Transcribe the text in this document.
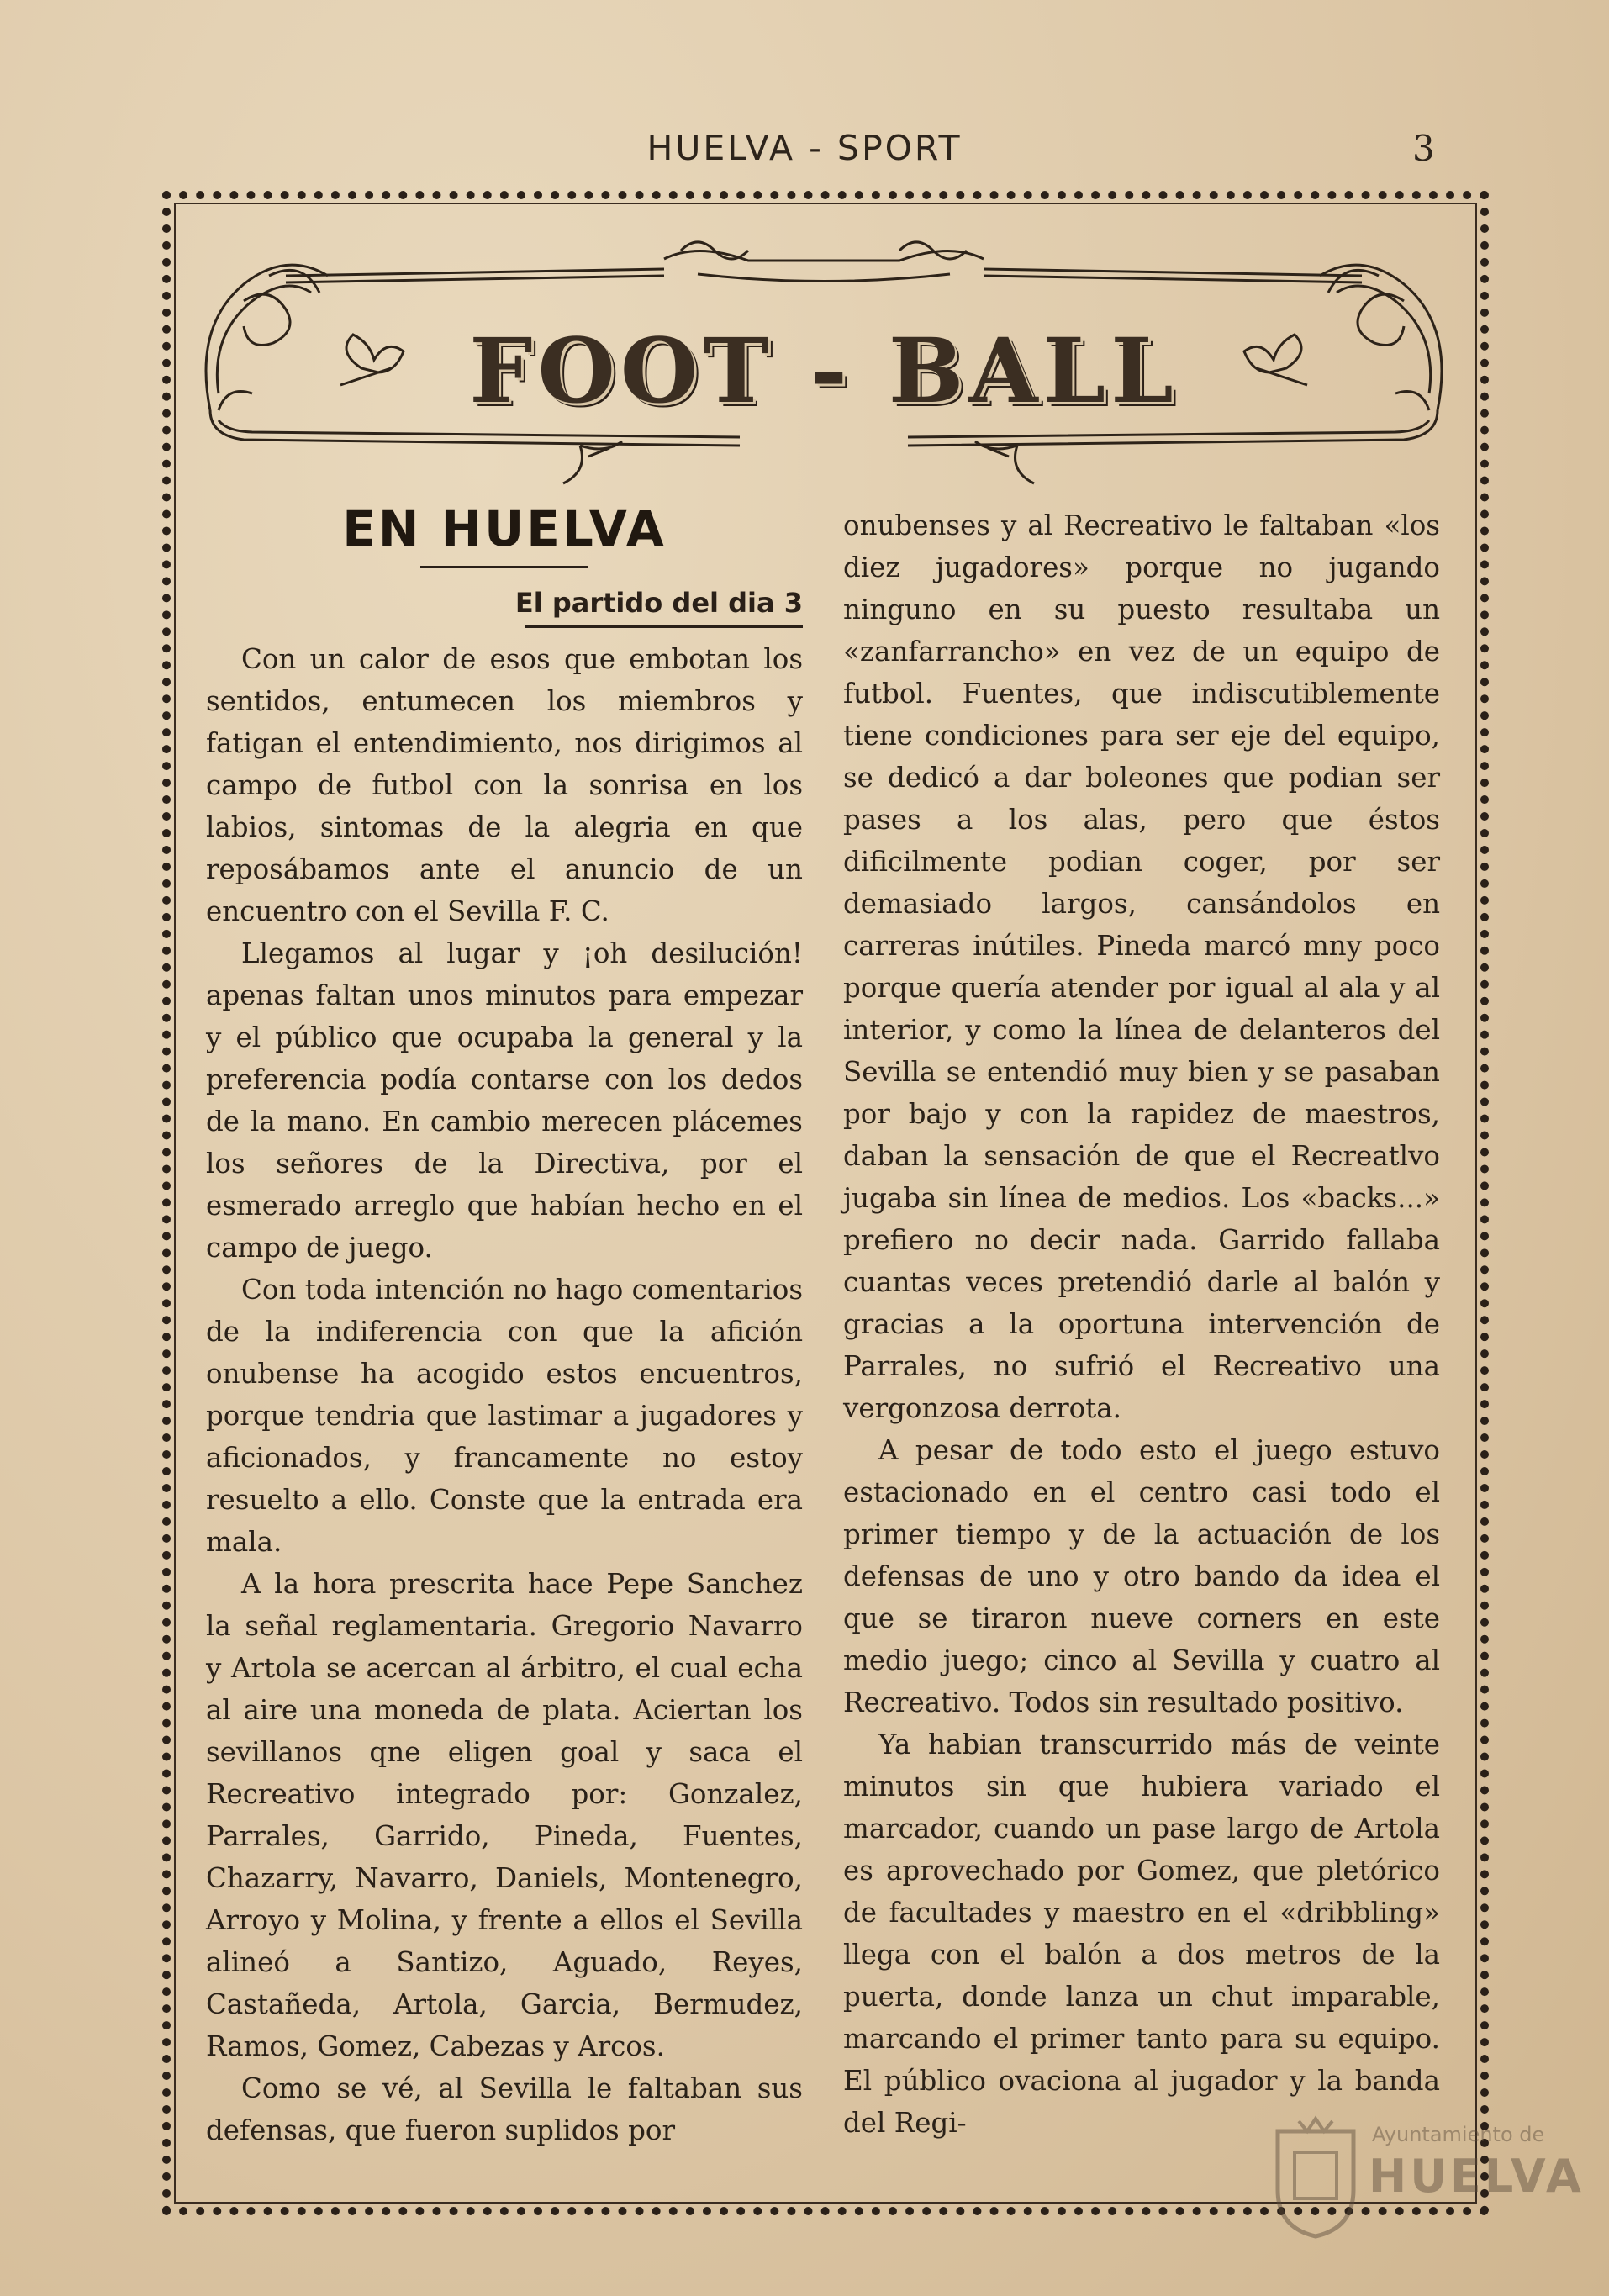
HUELVA - SPORT	3
FOOT - BALL
EN HUELVA
El partido del dia 3

Con un calor de esos que embotan los sentidos, entumecen los miembros y fatigan el entendimiento, nos dirigimos al campo de futbol con la sonrisa en los labios, sintomas de la alegria en que reposábamos ante el anuncio de un encuentro con el Sevilla F. C.

Llegamos al lugar y ¡oh desilución! apenas faltan unos minutos para empezar y el público que ocupaba la general y la preferencia podía contarse con los dedos de la mano. En cambio merecen plácemes los señores de la Directiva, por el esmerado arreglo que habían hecho en el campo de juego.

Con toda intención no hago comentarios de la indiferencia con que la afición onubense ha acogido estos encuentros, porque tendria que lastimar a jugadores y aficionados, y francamente no estoy resuelto a ello. Conste que la entrada era mala.

A la hora prescrita hace Pepe Sanchez la señal reglamentaria. Gregorio Navarro y Artola se acercan al árbitro, el cual echa al aire una moneda de plata. Aciertan los sevillanos qne eligen goal y saca el Recreativo integrado por: Gonzalez, Parrales, Garrido, Pineda, Fuentes, Chazarry, Navarro, Daniels, Montenegro, Arroyo y Molina, y frente a ellos el Sevilla alineó a Santizo, Aguado, Reyes, Castañeda, Artola, Garcia, Bermudez, Ramos, Gomez, Cabezas y Arcos.

Como se vé, al Sevilla le faltaban sus defensas, que fueron suplidos por

onubenses y al Recreativo le faltaban «los diez jugadores» porque no jugando ninguno en su puesto resultaba un «zanfarrancho» en vez de un equipo de futbol. Fuentes, que indiscutiblemente tiene condiciones para ser eje del equipo, se dedicó a dar boleones que podian ser pases a los alas, pero que éstos dificilmente podian coger, por ser demasiado largos, cansándolos en carreras inútiles. Pineda marcó mny poco porque quería atender por igual al ala y al interior, y como la línea de delanteros del Sevilla se entendió muy bien y se pasaban por bajo y con la rapidez de maestros, daban la sensación de que el Recreatlvo jugaba sin línea de medios. Los «backs...» prefiero no decir nada. Garrido fallaba cuantas veces pretendió darle al balón y gracias a la oportuna intervención de Parrales, no sufrió el Recreativo una vergonzosa derrota.

A pesar de todo esto el juego estuvo estacionado en el centro casi todo el primer tiempo y de la actuación de los defensas de uno y otro bando da idea el que se tiraron nueve corners en este medio juego; cinco al Sevilla y cuatro al Recreativo. Todos sin resultado positivo.

Ya habian transcurrido más de veinte minutos sin que hubiera variado el marcador, cuando un pase largo de Artola es aprovechado por Gomez, que pletórico de facultades y maestro en el «dribbling» llega con el balón a dos metros de la puerta, donde lanza un chut imparable, marcando el primer tanto para su equipo. El público ovaciona al jugador y la banda del Regi-	Ayuntamiento de
HUELVA
